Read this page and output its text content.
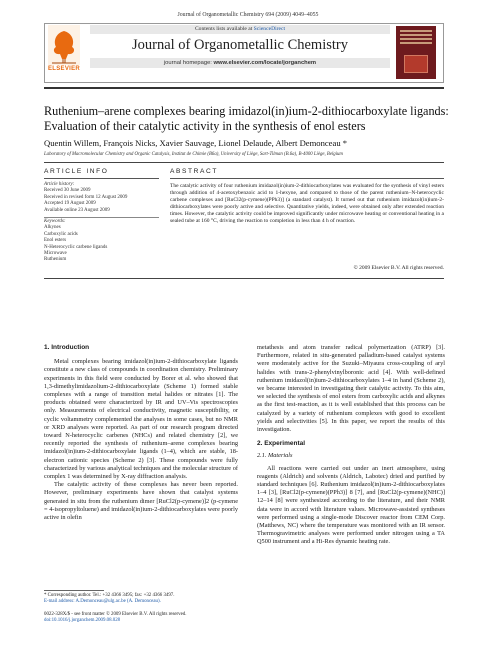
Journal of Organometallic Chemistry 694 (2009) 4049–4055
ELSEVIER
Contents lists available at ScienceDirect
Journal of Organometallic Chemistry
journal homepage: www.elsevier.com/locate/jorganchem
Ruthenium–arene complexes bearing imidazol(in)ium-2-dithiocarboxylate ligands: Evaluation of their catalytic activity in the synthesis of enol esters
Quentin Willem, François Nicks, Xavier Sauvage, Lionel Delaude, Albert Demonceau *
Laboratory of Macromolecular Chemistry and Organic Catalysis, Institut de Chimie (B6a), University of Liège, Sart-Tilman (B.6a), B-4000 Liège, Belgium
ARTICLE INFO	ABSTRACT
Article history:
Received 30 June 2009
Received in revised form 12 August 2009
Accepted 19 August 2009
Available online 23 August 2009
Keywords:
Alkynes
Carboxylic acids
Enol esters
N-Heterocyclic carbene ligands
Microwave
Ruthenium
The catalytic activity of four ruthenium imidazol(in)ium-2-dithiocarboxylates was evaluated for the synthesis of vinyl esters through addition of 4-acetoxybenzoic acid to 1-hexyne, and compared to those of the parent ruthenium–N-heterocyclic carbene complexes and [RuCl2(p-cymene)(PPh3)] (a standard catalyst). It turned out that ruthenium imidazol(in)ium-2-dithiocarboxylates were poorly active and selective. Quantitative yields, indeed, were obtained only after extended reaction times. However, the catalytic activity could be improved significantly under microwave heating or conventional heating in a sealed tube at 160 °C, driving the reaction to completion in less than 4 h of reaction.
© 2009 Elsevier B.V. All rights reserved.

1. Introduction

Metal complexes bearing imidazol(in)ium-2-dithiocarboxylate ligands constitute a new class of compounds in coordination chemistry. Preliminary experiments in this field were conducted by Borer et al. who showed that 1,3-dimethylimidazolium-2-dithiocarboxylate (Scheme 1) formed stable complexes with a range of transition metal halides or nitrates [1]. The products obtained were characterized by IR and UV–Vis spectroscopies only. Measurements of electrical conductivity, magnetic susceptibility, or cyclic voltammetry complemented the analyses in some cases, but no NMR or XRD analyses were reported. As part of our research program directed toward N-heterocyclic carbenes (NHCs) and related chemistry [2], we recently reported the synthesis of ruthenium–arene complexes bearing imidazol(in)ium-2-dithiocarboxylate ligands (1–4), which are stable, 18-electron cationic species (Scheme 2) [3]. These compounds were fully characterized by various analytical techniques and the molecular structure of complex 1 was determined by X-ray diffraction analysis.

The catalytic activity of these complexes has never been reported. However, preliminary experiments have shown that catalyst systems generated in situ from the ruthenium dimer [RuCl2(p-cymene)]2 (p-cymene = 4-isopropyltoluene) and imidazol(in)ium-2-dithiocarboxylates were poorly active in olefin

metathesis and atom transfer radical polymerization (ATRP) [3]. Furthermore, related in situ-generated palladium-based catalyst systems were moderately active for the Suzuki–Miyaura cross-coupling of aryl halides with trans-2-phenylvinylboronic acid [4]. With well-defined ruthenium imidazol(in)ium-2-dithiocarboxylates 1–4 in hand (Scheme 2), we became interested in investigating their catalytic activity. To this aim, we selected the synthesis of enol esters from carboxylic acids and alkynes as the first test-reaction, as it is well established that this process can be catalyzed by a variety of ruthenium complexes with good to excellent yields and selectivities [5]. In this paper, we report the results of this investigation.

2. Experimental

2.1. Materials

All reactions were carried out under an inert atmosphere, using reagents (Aldrich) and solvents (Aldrich, Labotec) dried and purified by standard techniques [6]. Ruthenium imidazol(in)ium-2-dithiocarboxylates 1–4 [3], [RuCl2(p-cymene)(PPh3)] 8 [7], and [RuCl2(p-cymene)(NHC)] 12–14 [8] were synthesized according to the literature, and their NMR data were in accord with literature values. Microwave-assisted syntheses were performed using a single-mode Discover reactor from CEM Corp. (Matthews, NC) where the temperature was monitored with an IR sensor. Thermogravimetric analyses were performed under nitrogen using a TA Q500 instrument and a Hi-Res dynamic heating rate.

* Corresponding author. Tel.: +32 4366 3495; fax: +32 4366 3497.
E-mail address: A.Demonceau@ulg.ac.be (A. Demonceau).
0022-328X/$ - see front matter © 2009 Elsevier B.V. All rights reserved.
doi:10.1016/j.jorganchem.2009.08.028
